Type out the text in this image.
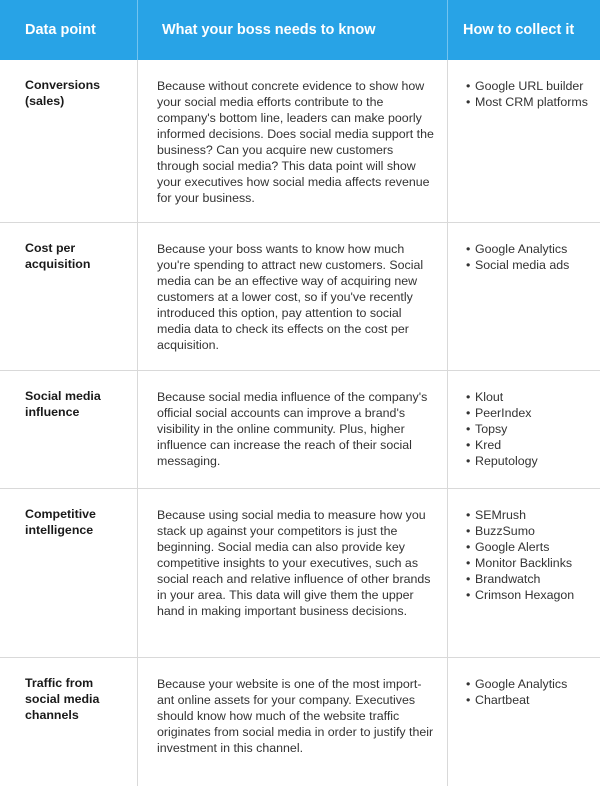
Data point	What your boss needs to know	How to collect it
Conversions (sales)
Because without concrete evidence to show how your social media efforts contribute to the company's bottom line, leaders can make poorly informed decisions. Does social media support the business? Can you acquire new customers through social media? This data point will show your executives how social media affects revenue for your business.
• Google URL builder
• Most CRM platforms
Cost per acquisition
Because your boss wants to know how much you're spending to attract new customers. Social media can be an effective way of acquiring new customers at a lower cost, so if you've recently introduced this option, pay attention to social media data to check its effects on the cost per acquisition.
• Google Analytics
• Social media ads
Social media influence
Because social media influence of the company's official social accounts can improve a brand's visibility in the online community. Plus, higher influence can increase the reach of their social messaging.
• Klout
• PeerIndex
• Topsy
• Kred
• Reputology
Competitive intelligence
Because using social media to measure how you stack up against your competitors is just the beginning. Social media can also provide key competitive insights to your executives, such as social reach and relative influence of other brands in your area. This data will give them the upper hand in making important business decisions.
• SEMrush
• BuzzSumo
• Google Alerts
• Monitor Backlinks
• Brandwatch
• Crimson Hexagon
Traffic from social media channels
Because your website is one of the most import-ant online assets for your company. Executives should know how much of the website traffic originates from social media in order to justify their investment in this channel.
• Google Analytics
• Chartbeat
